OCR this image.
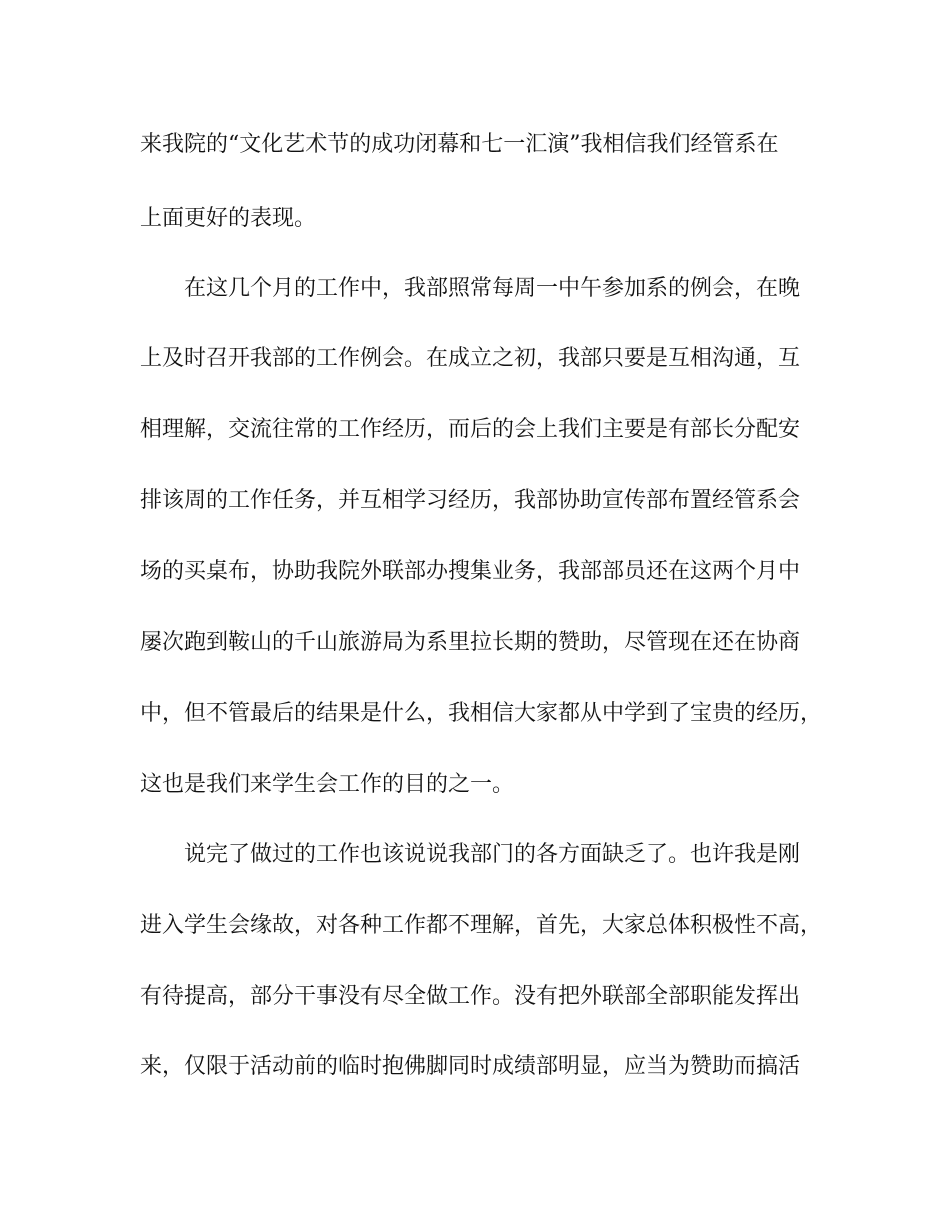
来我院的“文化艺术节的成功闭幕和七一汇演”我相信我们经管系在
上面更好的表现。
在这几个月的工作中，我部照常每周一中午参加系的例会，在晚
上及时召开我部的工作例会。在成立之初，我部只要是互相沟通，互
相理解，交流往常的工作经历，而后的会上我们主要是有部长分配安
排该周的工作任务，并互相学习经历，我部协助宣传部布置经管系会
场的买桌布，协助我院外联部办搜集业务，我部部员还在这两个月中
屡次跑到鞍山的千山旅游局为系里拉长期的赞助，尽管现在还在协商
中，但不管最后的结果是什么，我相信大家都从中学到了宝贵的经历，
这也是我们来学生会工作的目的之一。
说完了做过的工作也该说说我部门的各方面缺乏了。也许我是刚
进入学生会缘故，对各种工作都不理解，首先，大家总体积极性不高，
有待提高，部分干事没有尽全做工作。没有把外联部全部职能发挥出
来，仅限于活动前的临时抱佛脚同时成绩部明显，应当为赞助而搞活
